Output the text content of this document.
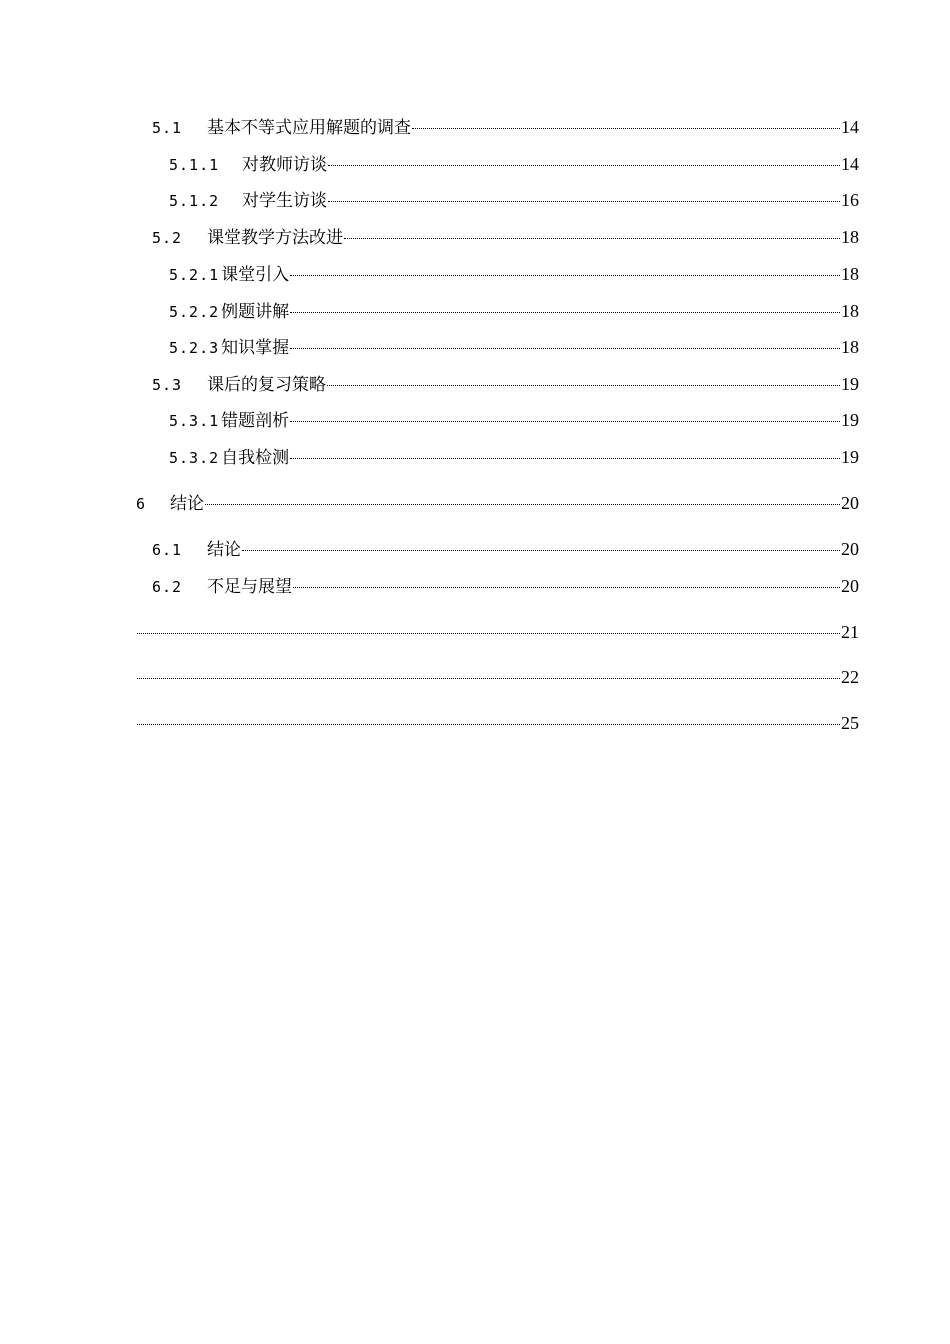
5.1	基本不等式应用解题的调查	14
5.1.1	对教师访谈	14
5.1.2	对学生访谈	16
5.2	课堂教学方法改进	18
5.2.1 课堂引入	18
5.2.2 例题讲解	18
5.2.3 知识掌握	18
5.3	课后的复习策略	19
5.3.1 错题剖析	19
5.3.2 自我检测	19
6	结论	20
6.1	结论	20
6.2	不足与展望	20
21
22
25
